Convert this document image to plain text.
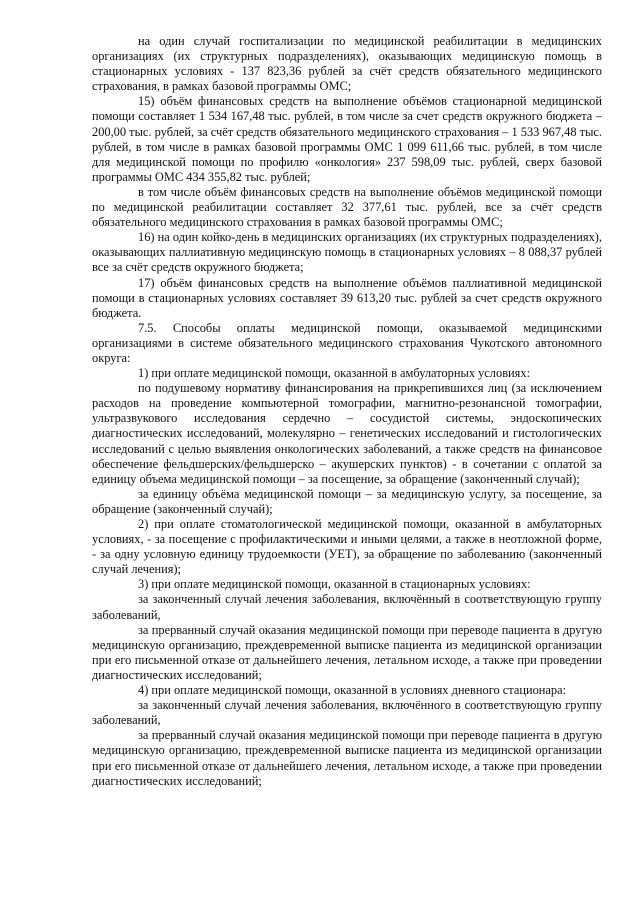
на один случай госпитализации по медицинской реабилитации в медицинских организациях (их структурных подразделениях), оказывающих медицинскую помощь в стационарных условиях - 137 823,36 рублей за счёт средств обязательного медицинского страхования, в рамках базовой программы ОМС;

15) объём финансовых средств на выполнение объёмов стационарной медицинской помощи составляет 1 534 167,48 тыс. рублей, в том числе за счет средств окружного бюджета – 200,00 тыс. рублей, за счёт средств обязательного медицинского страхования – 1 533 967,48 тыс. рублей, в том числе в рамках базовой программы ОМС 1 099 611,66 тыс. рублей, в том числе для медицинской помощи по профилю «онкология» 237 598,09 тыс. рублей, сверх базовой программы ОМС 434 355,82 тыс. рублей;

в том числе объём финансовых средств на выполнение объёмов медицинской помощи по медицинской реабилитации составляет 32 377,61 тыс. рублей, все за счёт средств обязательного медицинского страхования в рамках базовой программы ОМС;

16) на один койко-день в медицинских организациях (их структурных подразделениях), оказывающих паллиативную медицинскую помощь в стационарных условиях – 8 088,37 рублей все за счёт средств окружного бюджета;

17) объём финансовых средств на выполнение объёмов паллиативной медицинской помощи в стационарных условиях составляет 39 613,20 тыс. рублей за счет средств окружного бюджета.

7.5. Способы оплаты медицинской помощи, оказываемой медицинскими организациями в системе обязательного медицинского страхования Чукотского автономного округа:

1) при оплате медицинской помощи, оказанной в амбулаторных условиях:

по подушевому нормативу финансирования на прикрепившихся лиц (за исключением расходов на проведение компьютерной томографии, магнитно-резонансной томографии, ультразвукового исследования сердечно – сосудистой системы, эндоскопических диагностических исследований, молекулярно – генетических исследований и гистологических исследований с целью выявления онкологических заболеваний, а также средств на финансовое обеспечение фельдшерских/фельдшерско – акушерских пунктов) - в сочетании с оплатой за единицу объема медицинской помощи – за посещение, за обращение (законченный случай);

за единицу объёма медицинской помощи – за медицинскую услугу, за посещение, за обращение (законченный случай);

2) при оплате стоматологической медицинской помощи, оказанной в амбулаторных условиях, - за посещение с профилактическими и иными целями, а также в неотложной форме, - за одну условную единицу трудоемкости (УЕТ), за обращение по заболеванию (законченный случай лечения);

3) при оплате медицинской помощи, оказанной в стационарных условиях:

за законченный случай лечения заболевания, включённый в соответствующую группу заболеваний,

за прерванный случай оказания медицинской помощи при переводе пациента в другую медицинскую организацию, преждевременной выписке пациента из медицинской организации при его письменной отказе от дальнейшего лечения, летальном исходе, а также при проведении диагностических исследований;

4) при оплате медицинской помощи, оказанной в условиях дневного стационара:

за законченный случай лечения заболевания, включённого в соответствующую группу заболеваний,

за прерванный случай оказания медицинской помощи при переводе пациента в другую медицинскую организацию, преждевременной выписке пациента из медицинской организации при его письменной отказе от дальнейшего лечения, летальном исходе, а также при проведении диагностических исследований;
